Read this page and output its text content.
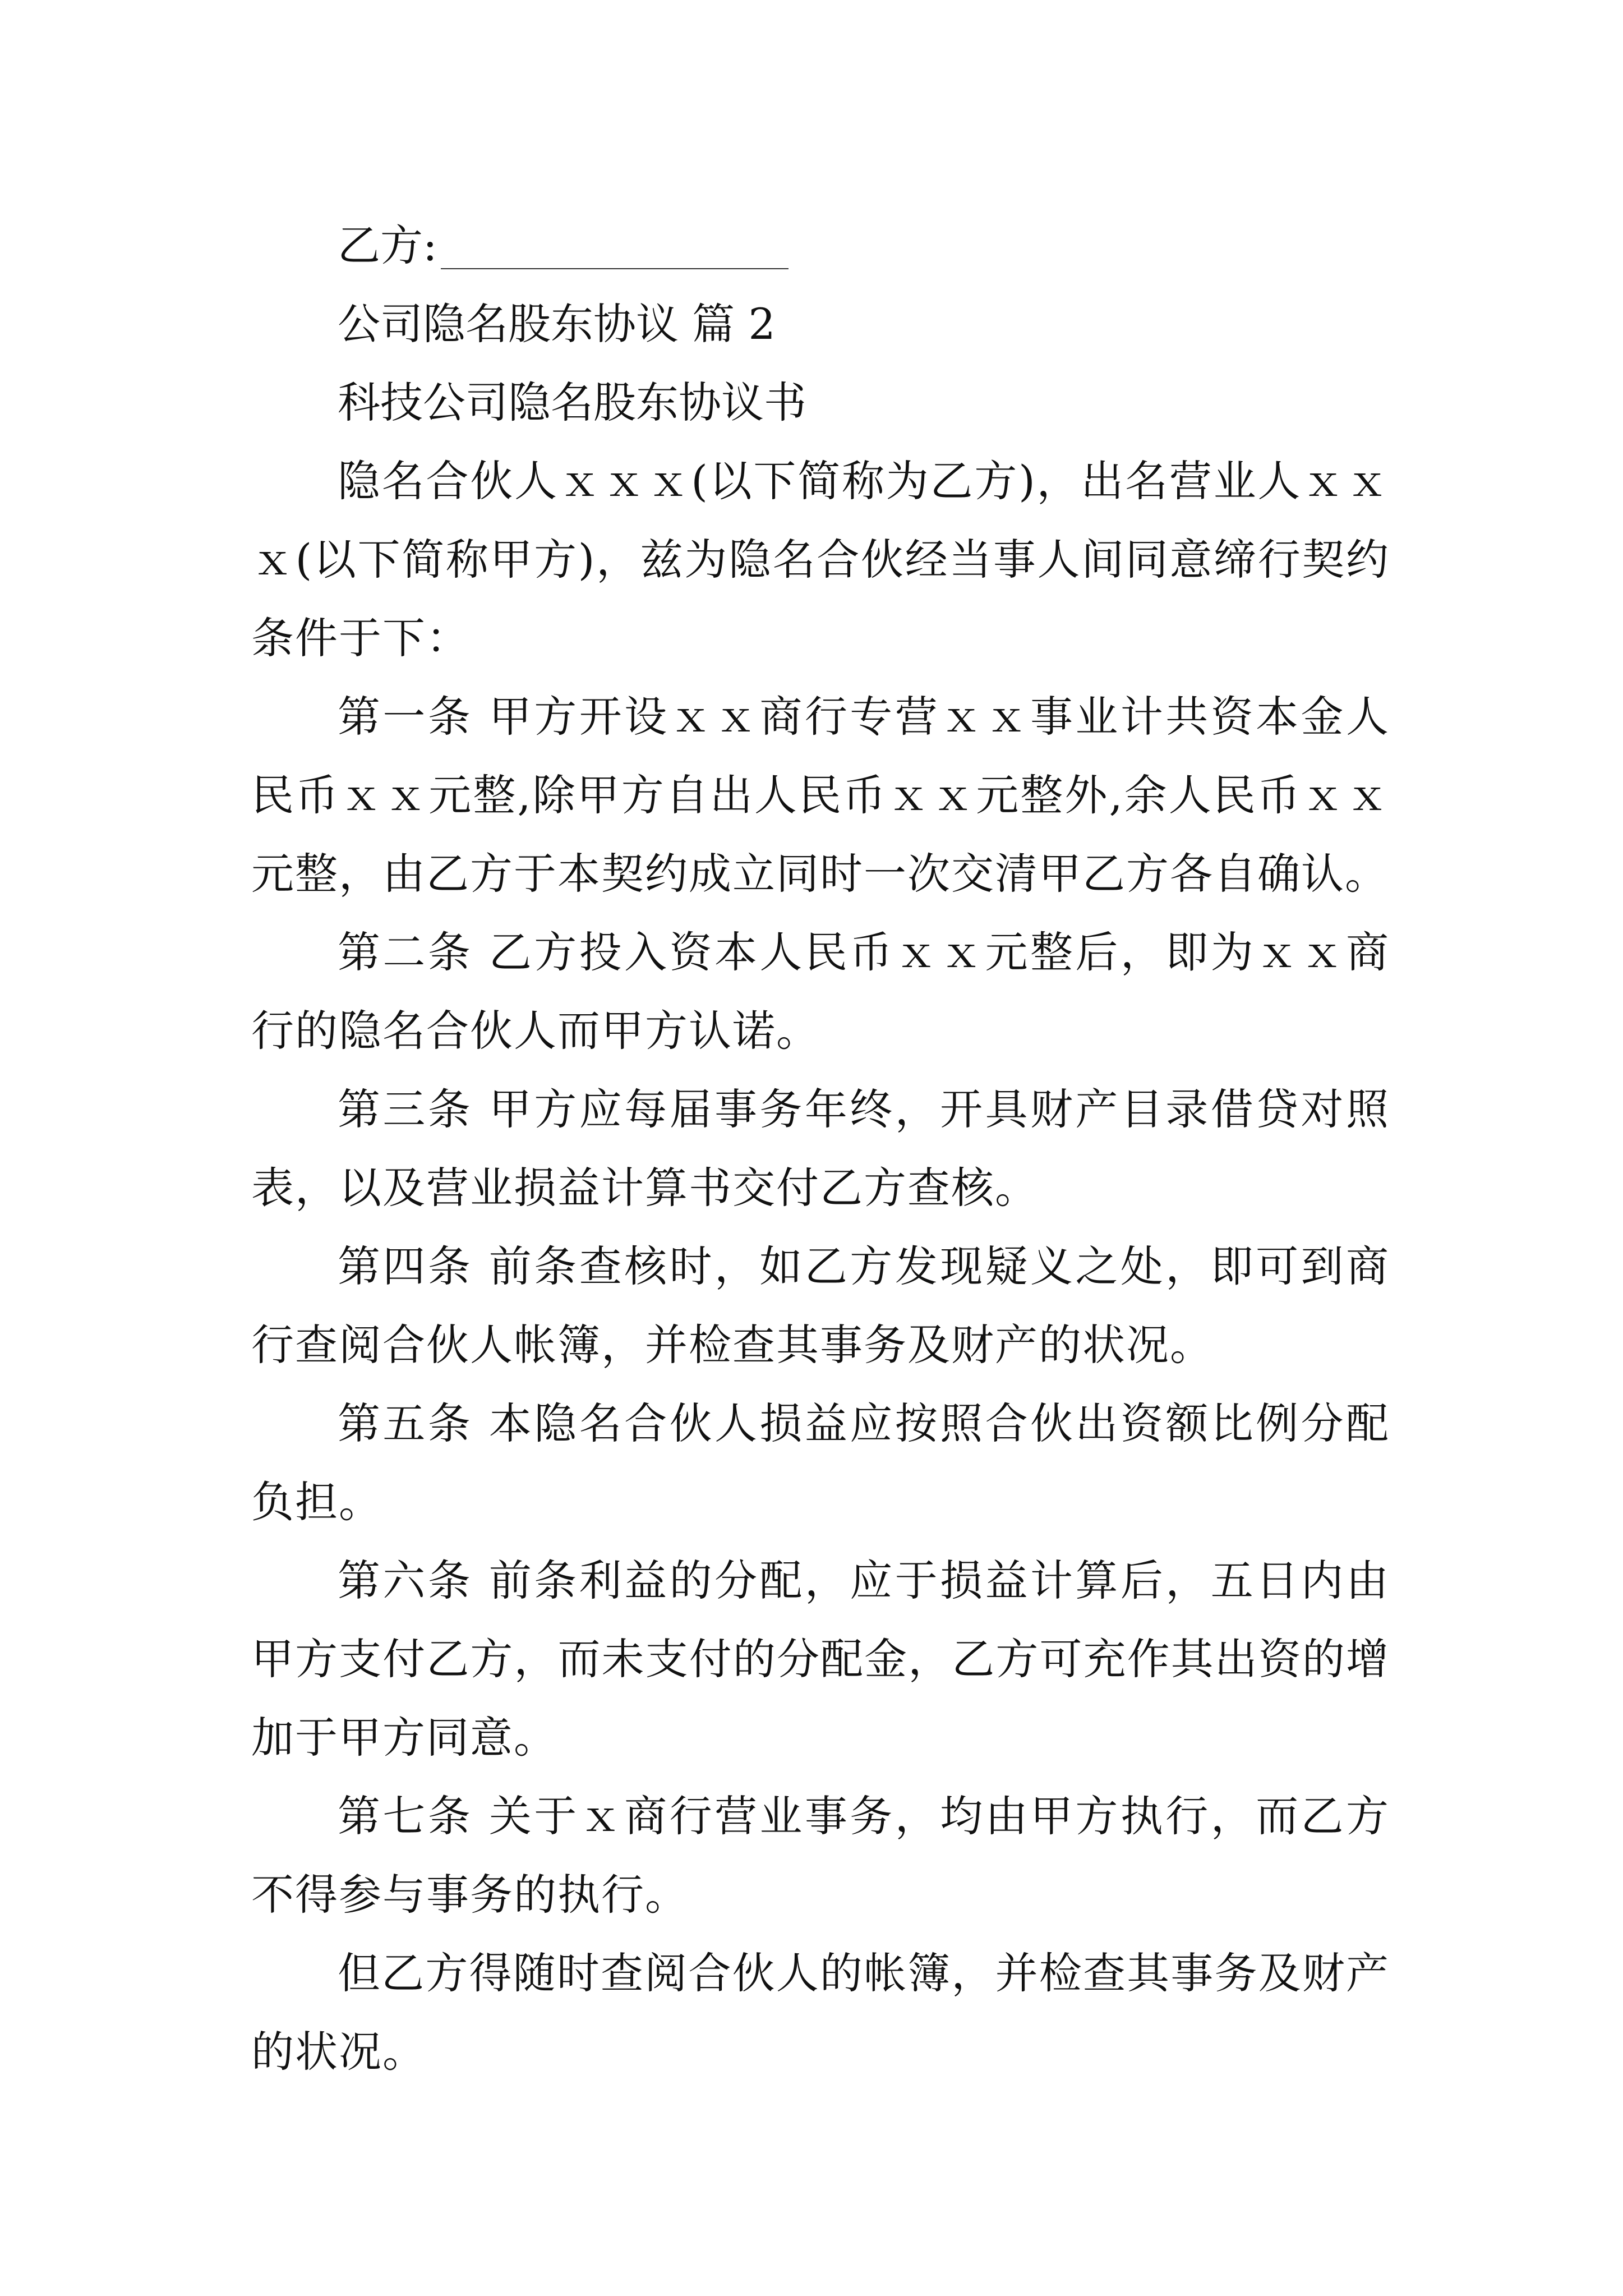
乙方:

公司隐名股东协议 篇 2

科技公司隐名股东协议书

隐名合伙人ｘｘｘ(以下简称为乙方)，出名营业人ｘｘｘ(以下简称甲方)，兹为隐名合伙经当事人间同意缔行契约条件于下：

第一条 甲方开设ｘｘ商行专营ｘｘ事业计共资本金人民币ｘｘ元整,除甲方自出人民币ｘｘ元整外,余人民币ｘｘ元整，由乙方于本契约成立同时一次交清甲乙方各自确认。

第二条 乙方投入资本人民币ｘｘ元整后，即为ｘｘ商行的隐名合伙人而甲方认诺。

第三条 甲方应每届事务年终，开具财产目录借贷对照表，以及营业损益计算书交付乙方查核。

第四条 前条查核时，如乙方发现疑义之处，即可到商行查阅合伙人帐簿，并检查其事务及财产的状况。

第五条 本隐名合伙人损益应按照合伙出资额比例分配负担。

第六条 前条利益的分配，应于损益计算后，五日内由甲方支付乙方，而未支付的分配金，乙方可充作其出资的增加于甲方同意。

第七条 关于ｘ商行营业事务，均由甲方执行，而乙方不得参与事务的执行。

但乙方得随时查阅合伙人的帐簿，并检查其事务及财产的状况。
